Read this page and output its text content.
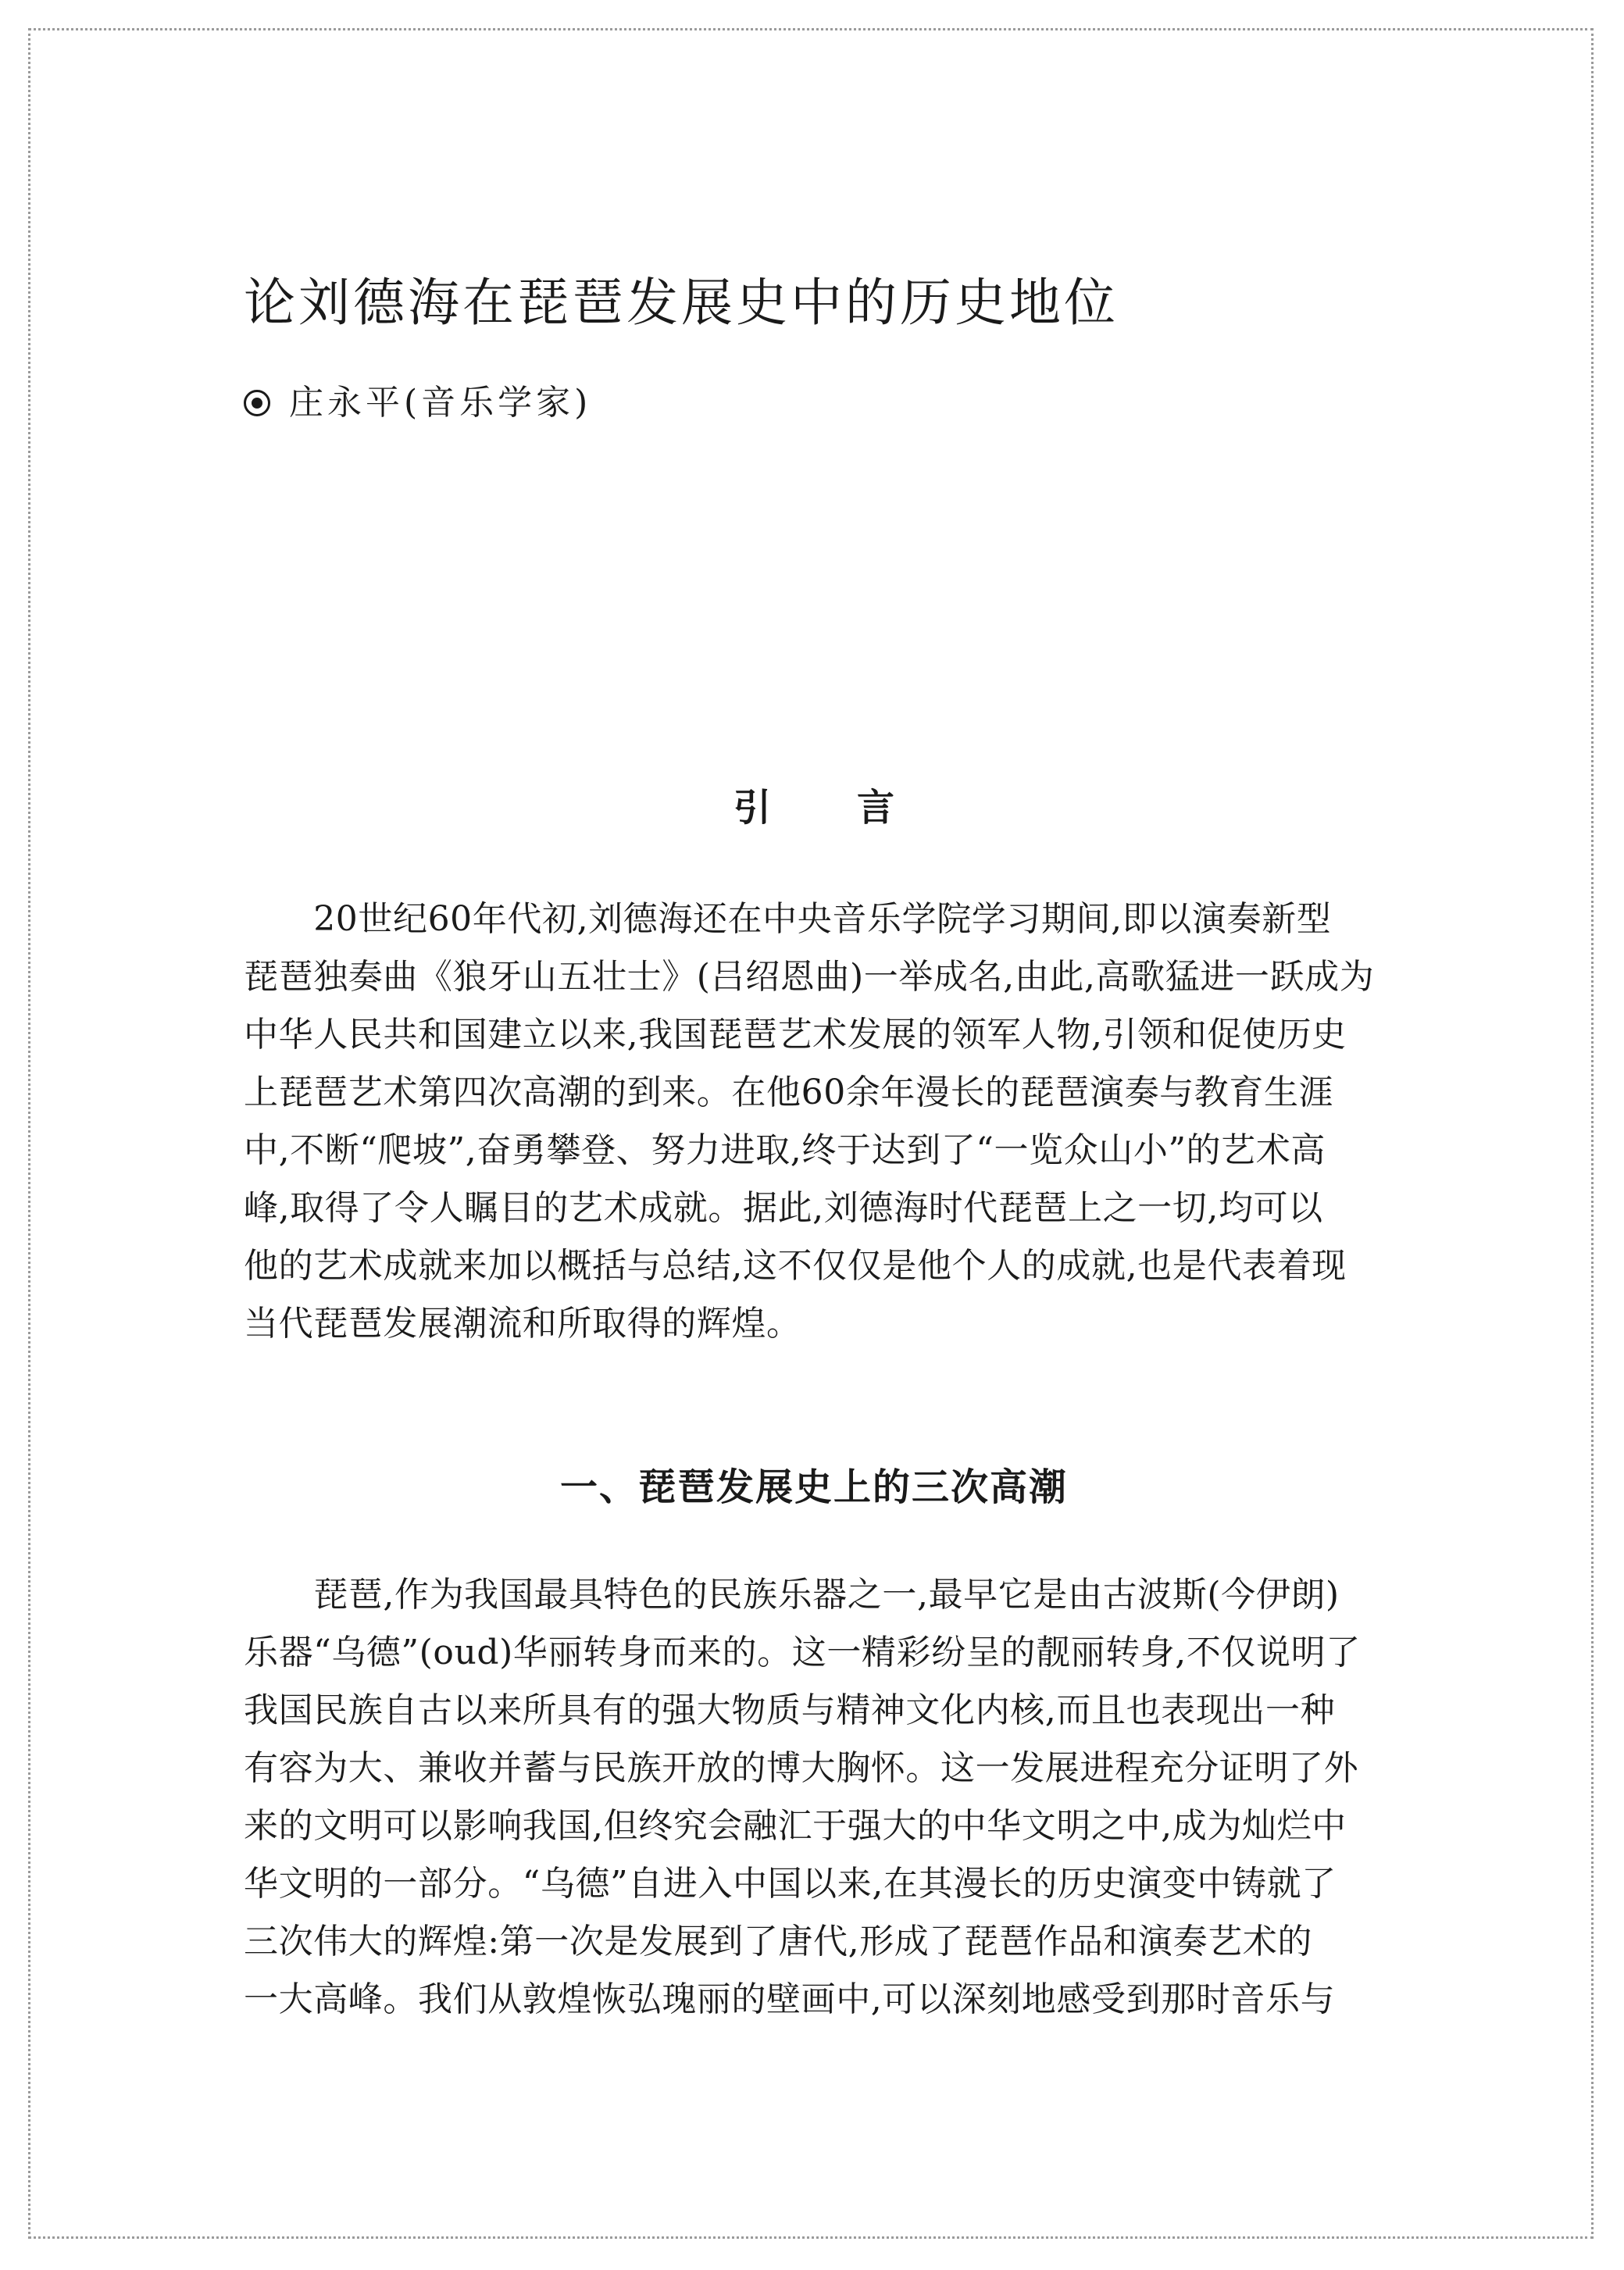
论刘德海在琵琶发展史中的历史地位
庄永平(音乐学家)
引言
　　20世纪60年代初,刘德海还在中央音乐学院学习期间,即以演奏新型
琵琶独奏曲《狼牙山五壮士》(吕绍恩曲)一举成名,由此,高歌猛进一跃成为
中华人民共和国建立以来,我国琵琶艺术发展的领军人物,引领和促使历史
上琵琶艺术第四次高潮的到来。在他60余年漫长的琵琶演奏与教育生涯
中,不断“爬坡”,奋勇攀登、努力进取,终于达到了“一览众山小”的艺术高
峰,取得了令人瞩目的艺术成就。据此,刘德海时代琵琶上之一切,均可以
他的艺术成就来加以概括与总结,这不仅仅是他个人的成就,也是代表着现
当代琵琶发展潮流和所取得的辉煌。
一、琵琶发展史上的三次高潮
　　琵琶,作为我国最具特色的民族乐器之一,最早它是由古波斯(今伊朗)
乐器“乌德”(oud)华丽转身而来的。这一精彩纷呈的靓丽转身,不仅说明了
我国民族自古以来所具有的强大物质与精神文化内核,而且也表现出一种
有容为大、兼收并蓄与民族开放的博大胸怀。这一发展进程充分证明了外
来的文明可以影响我国,但终究会融汇于强大的中华文明之中,成为灿烂中
华文明的一部分。“乌德”自进入中国以来,在其漫长的历史演变中铸就了
三次伟大的辉煌:第一次是发展到了唐代,形成了琵琶作品和演奏艺术的
一大高峰。我们从敦煌恢弘瑰丽的壁画中,可以深刻地感受到那时音乐与
